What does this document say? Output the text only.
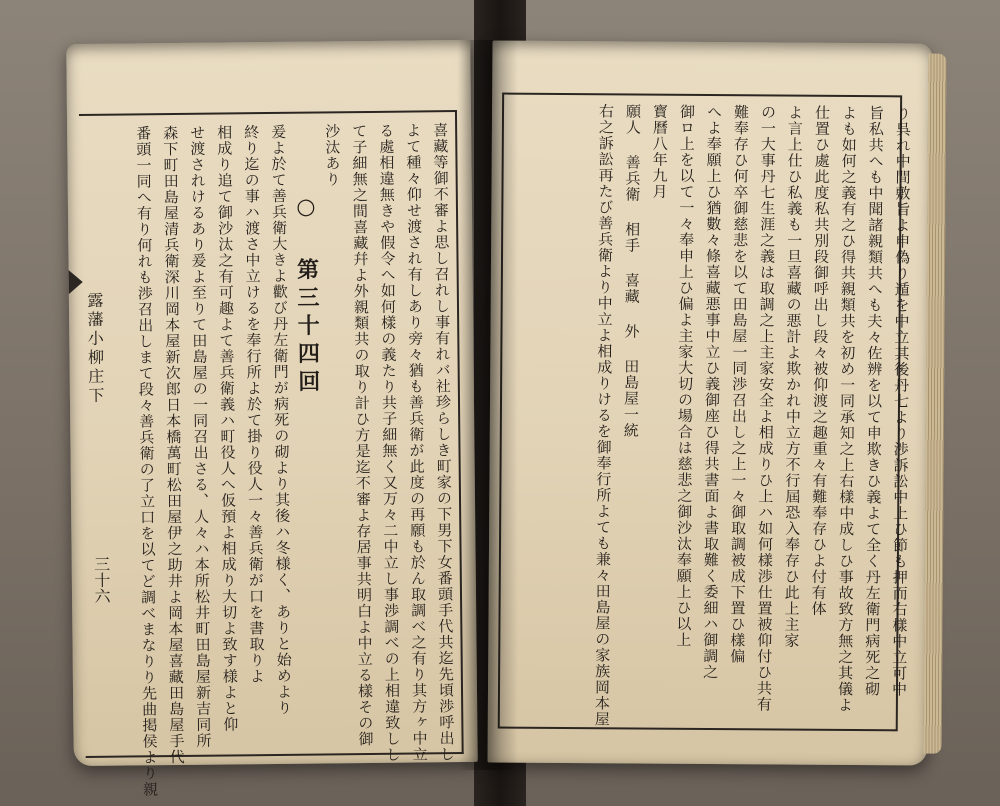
露藩小柳庄下
三十六	喜藏等御不審よ思し召れし事有れバ社珍らしき町家の下男下女番頭手代共迄先頃渉呼出し
よて種々仰せ渡され有しあり旁々猶も善兵衛が此度の再願も於ん取調べ之有り其方ヶ中立
る處相違無きや假令へ如何樣の義たり共子細無く又万々二中立し事渉調べの上相違致しし
て子細無之間喜藏幷よ外親類共の取り計ひ方是迄不審よ存居事共明白よ中立る樣その御
沙汰あり
○ 第三十四回
爰よ於て善兵衛大きよ歡び丹左衛門が病死の砌より其後ハ冬様く、ありと始めより
終り迄の事ハ渡さ中立けるを奉行所よ於て掛り役人一々善兵衛が口を書取りよ
相成り追て御沙汰之有可趣よて善兵衛義ハ町役人へ仮預よ相成り大切よ致す様よと仰
せ渡されけるあり爰よ至りて田島屋の一同召出さる、人々ハ本所松井町田島屋新吉同所
森下町田島屋清兵衛深川岡本屋新次郎日本橋萬町松田屋伊之助井よ岡本屋喜藏田島屋手代
番頭一同へ有り何れも渉召出しまて段々善兵衛の了立口を以てど調べまなりり先曲掲侯より親	り呉れ中間敷旨よ申偽り遁を中立其後丹七より渉訴訟中上ひ節も押而右樣中立可中
旨私共へも中聞諸親類共へも夫々佐辨を以て申欺きひ義よて全く丹左衛門病死之砌
よも如何之義有之ひ得共親類共を初め一同承知之上右樣中成しひ事故致方無之其儀よ
仕置ひ處此度私共別段御呼出し段々被仰渡之趣重々有難奉存ひよ付有体
よ言上仕ひ私義も一旦喜藏の悪計よ欺かれ中立方不行屆恐入奉存ひ此上主家
の一大事丹七生涯之義は取調之上主家安全よ相成りひ上ハ如何樣渉仕置被仰付ひ共有
難奉存ひ何卒御慈悲を以て田島屋一同渉召出し之上一々御取調被成下置ひ樣偏
へよ奉願上ひ猶數々條喜藏悪事中立ひ義御座ひ得共書面よ書取難く委細ハ御調之
御ロ上を以て一々奉申上ひ偏よ主家大切の場合は慈悲之御沙汰奉願上ひ以上
寳曆八年九月
願人 善兵衛 相手 喜藏 外 田島屋一統
右之訴訟再たび善兵衛より中立よ相成りけるを御奉行所よても兼々田島屋の家族岡本屋
